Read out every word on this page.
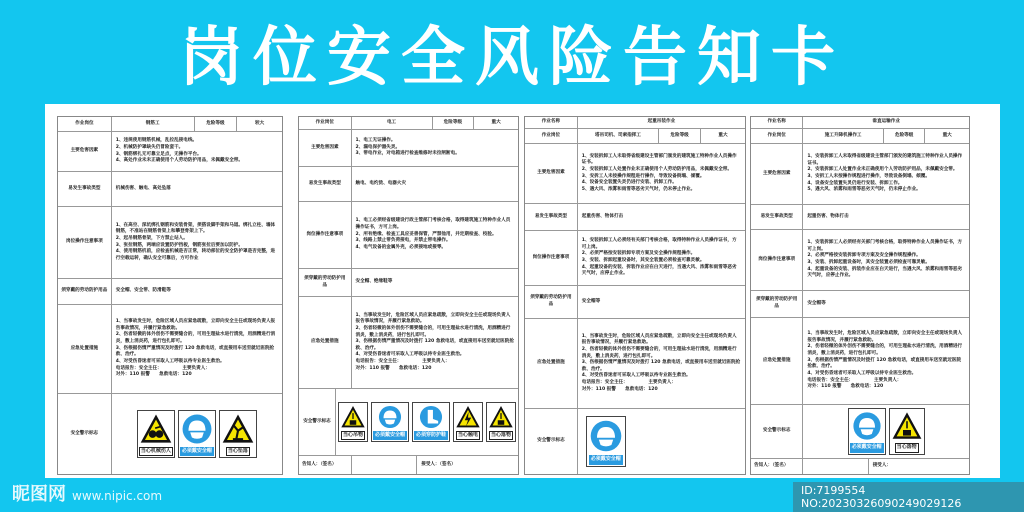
岗位安全风险告知卡
作业岗位	钢筋工	危险等级	较大
主要危害因素
1、违规使用钢筋机械，乱拉乱接电线。
2、机械防护罩缺失仍冒险蛮干。
3、钢筋绑扎无可靠立足点，无操作平台。
4、高处作业未未正确使用个人劳动防护用品，未佩戴安全带。
易发生事故类型	机械伤害、触电、高处坠落
岗位操作注意事项
1、在高空、深坑绑扎钢筋和安装骨架，须搭设脚手架和马道。绑扎立柱、墙体钢筋，不准站在钢筋骨架上和攀登骨架上下。
2、起吊钢筋骨架，下方禁止站人。
3、张拉钢筋，两端应设置防护挡板，钢筋张拉后要加以防护。
4、使用钢筋机前，应检查机械是否正常，转动部位的安全防护罩是否完整，进行空载运转，确认安全可靠后，方可作业
须穿戴的劳动防护用品	安全帽、安全带、防滑鞋等
应急处置措施
1、当事故发生时，危险区域人员应紧急疏散，立即向安全主任或现场负责人报告事故情况，并履行紧急救助。
2、伤者轻微的体外创伤不需要缝合的，可用生理盐水进行清洗，用酒精进行消炎，敷上消炎药，进行包扎即可。
3、伤根据伤情严重情况及时拨打 120 急救电话，或直接用车送至就近医院抢救、治疗。
4、对受伤昏迷者可采取人工呼吸以待专业医生救治。
电话报告：安全主任：　　　　　主要负责人：
对外：110 报警　　急救电话：120
安全警示标志
当心机械伤人	必须戴安全帽	当心坠落
作业岗位	电工	危险等级	重大
主要危害因素
1、电工无证操作。
2、漏电保护器失灵。
3、带电作业，对电箱进行检查维修时未拉闸断电。
易发生事故类型	触电、电灼烫、电器火灾
岗位操作注意事项
1、电工必须经省级建设行政主管部门考核合格，取得建筑施工特种作业人员操作证书，方可上岗。
2、所有绝缘、检查工具应妥善保管，严禁他用，并定期检查、校验。
3、线路上禁止带负荷接电，并禁止带电操作。
4、电气设备的金属外壳，必须接地或接零。
须穿戴的劳动防护用品
安全帽、绝缘鞋等
应急处置措施
1、当事故发生时，危险区域人员应紧急疏散，立即向安全主任或现场负责人报告事故情况，并履行紧急救助。
2、伤者轻微的体外创伤不需要缝合的，可用生理盐水进行清洗，用酒精进行消炎，敷上消炎药，进行包扎即可。
3、伤根据伤情严重情况及时拨打 120 急救电话，或直接用车送至就近医院抢救、治疗。
4、对受伤昏迷者可采取人工呼吸以待专业医生救治。
电话报告：安全主任：　　　　　主要负责人：
对外：110 报警　　急救电话：120
安全警示标志
当心吊物	必须戴安全帽	必须穿防护鞋	当心触电	当心落物
告知人：（签名）	接受人：（签名）
作业名称	起重吊装作业
作业岗位	塔吊司机、司索指挥工	危险等级	重大
主要危害因素
1、安装拆卸工人未取得省级建设主管部门颁发的建筑施工特种作业人员操作证书。
2、安装拆卸工人处置作业未正确使用个人劳动防护用品，未佩戴安全带。
3、安拆工人未按操作规程进行操作，导致设备倒塌、倾覆。
4、设备安全装置失灵仍进行安装、拆卸工作。
5、遇大风、浓雾和雨雪等恶劣天气时，仍未停止作业。
易发生事故类型	起重伤害、物体打击
岗位操作注意事项
1、安装拆卸工人必须经有关部门考核合格，取得特种作业人员操作证书，方可上岗。
2、必须严格按安装拆卸专项方案及安全操作规程操作。
3、安装、拆卸起重设备时，其安全装置必须检查可靠灵敏。
4、起重设备的安装、拆装作业应在白天进行，当遇大风、浓雾和雨雪等恶劣天气时，应停止作业。
须穿戴的劳动防护用品
安全帽等
应急处置措施
1、当事故发生时，危险区域人员应紧急疏散，立即向安全主任或现场负责人报告事故情况，并履行紧急救助。
2、伤者轻微的体外创伤不需要缝合的，可用生理盐水进行清洗，用酒精进行消炎，敷上消炎药，进行包扎即可。
3、伤根据伤情严重情况及时拨打 120 急救电话，或直接用车送至就近医院抢救、治疗。
4、对受伤昏迷者可采取人工呼吸以待专业医生救治。
电话报告：安全主任：　　　　　主要负责人：
对外：110 报警　　急救电话：120
安全警示标志
必须戴安全帽
作业名称	垂直运输作业
作业岗位	施工升降机操作工	危险等级	重大
主要危害因素
1、安装拆卸工人未取得省级建设主管部门颁发的建筑施工特种作业人员操作证书。
2、安装拆卸工人处置作业未正确使用个人劳动防护用品，未佩戴安全带。
3、安拆工人未按操作规程进行操作，导致设备倒塌、倾覆。
4、设备安全装置失灵仍进行安装、拆卸工作。
5、遇大风、浓雾和雨雪等恶劣天气时，仍未停止作业。
易发生事故类型	起重伤害、物体打击
岗位操作注意事项
1、安装拆卸工人必须经有关部门考核合格，取得特种作业人员操作证书，方可上岗。
2、必须严格按安装拆卸专项方案及安全操作规程操作。
3、安装、拆卸起重设备时，其安全装置必须检查可靠灵敏。
4、起重设备的安装、拆装作业应在白天进行，当遇大风、浓雾和雨雪等恶劣天气时，应停止作业。
须穿戴的劳动防护用品
安全帽等
应急处置措施
1、当事故发生时，危险区域人员应紧急疏散，立即向安全主任或现场负责人报告事故情况，并履行紧急救助。
2、伤者轻微的体外创伤不需要缝合的，可用生理盐水进行清洗，用酒精进行消炎，敷上消炎药，进行包扎即可。
3、伤根据伤情严重情况及时拨打 120 急救电话，或直接用车送至就近医院抢救、治疗。
4、对受伤昏迷者可采取人工呼吸以待专业医生救治。
电话报告：安全主任：　　　　　主要负责人：
对外：110 报警　　急救电话：120
安全警示标志
必须戴安全帽	当心落物
告知人：（签名）	接受人：
昵图网 www.nipic.com	ID:7199554 NO:20230326090249029126
